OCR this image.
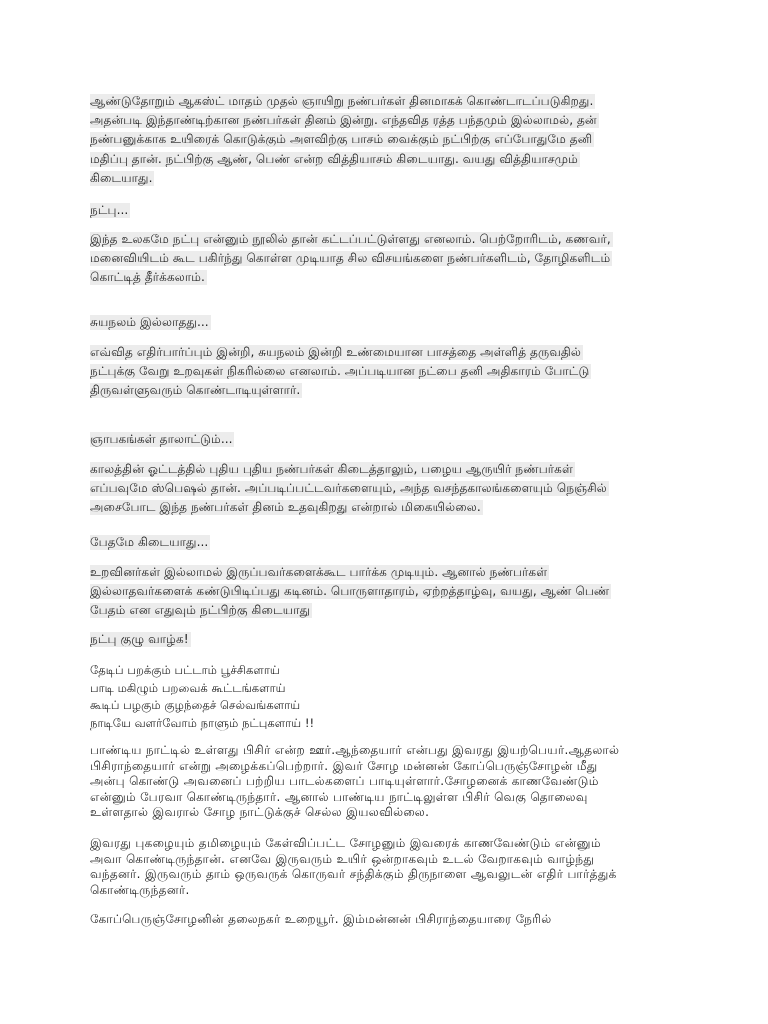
ஆண்டுதோறும் ஆகஸ்ட் மாதம் முதல் ஞாயிறு நண்பர்கள் தினமாகக் கொண்டாடப்படுகிறது.
அதன்படி இந்தாண்டிற்கான நண்பர்கள் தினம் இன்று. எந்தவித ரத்த பந்தமும் இல்லாமல், தன்
நண்பனுக்காக உயிரைக் கொடுக்கும் அளவிற்கு பாசம் வைக்கும் நட்பிற்கு எப்போதுமே தனி
மதிப்பு தான். நட்பிற்கு ஆண், பெண் என்ற வித்தியாசம் கிடையாது. வயது வித்தியாசமும்
கிடையாது.
நட்பு...
இந்த உலகமே நட்பு என்னும் நூலில் தான் கட்டப்பட்டுள்ளது எனலாம். பெற்றோரிடம், கணவர்,
மனைவியிடம் கூட பகிர்ந்து கொள்ள முடியாத சில விசயங்களை நண்பர்களிடம், தோழிகளிடம்
கொட்டித் தீர்க்கலாம்.
சுயநலம் இல்லாதது...
எவ்வித எதிர்பார்ப்பும் இன்றி, சுயநலம் இன்றி உண்மையான பாசத்தை அள்ளித் தருவதில்
நட்புக்கு வேறு உறவுகள் நிகரில்லை எனலாம். அப்படியான நட்பை தனி அதிகாரம் போட்டு
திருவள்ளுவரும் கொண்டாடியுள்ளார்.
ஞாபகங்கள் தாலாட்டும்...
காலத்தின் ஓட்டத்தில் புதிய புதிய நண்பர்கள் கிடைத்தாலும், பழைய ஆருயிர் நண்பர்கள்
எப்பவுமே ஸ்பெஷல் தான். அப்படிப்பட்டவர்களையும், அந்த வசந்தகாலங்களையும் நெஞ்சில்
அசைபோட இந்த நண்பர்கள் தினம் உதவுகிறது என்றால் மிகையில்லை.
பேதமே கிடையாது...
உறவினர்கள் இல்லாமல் இருப்பவர்களைக்கூட பார்க்க முடியும். ஆனால் நண்பர்கள்
இல்லாதவர்களைக் கண்டுபிடிப்பது கடினம். பொருளாதாரம், ஏற்றத்தாழ்வு, வயது, ஆண் பெண்
பேதம் என எதுவும் நட்பிற்கு கிடையாது
நட்பு குழு வாழ்க!
தேடிப் பறக்கும் பட்டாம் பூச்சிகளாய்
பாடி மகிழும் பறவைக் கூட்டங்களாய்
கூடிப் பழகும் குழந்தைச் செல்வங்களாய்
நாடியே வளர்வோம் நாளும் நட்புகளாய் !!
பாண்டிய நாட்டில் உள்ளது பிசிர் என்ற ஊர்.ஆந்தையார் என்பது இவரது இயற்பெயர்.ஆதலால்
பிசிராந்தையார் என்று அழைக்கப்பெற்றார். இவர் சோழ மன்னன் கோப்பெருஞ்சோழன் மீது
அன்பு கொண்டு அவனைப் பற்றிய பாடல்களைப் பாடியுள்ளார்.சோழனைக் காணவேண்டும்
என்னும் பேரவா கொண்டிருந்தார். ஆனால் பாண்டிய நாட்டிலுள்ள பிசிர் வெகு தொலைவு
உள்ளதால் இவரால் சோழ நாட்டுக்குச் செல்ல இயலவில்லை.
இவரது புகழையும் தமிழையும் கேள்விப்பட்ட சோழனும் இவரைக் காணவேண்டும் என்னும்
அவா கொண்டிருந்தான். எனவே இருவரும் உயிர் ஒன்றாகவும் உடல் வேறாகவும் வாழ்ந்து
வந்தனர். இருவரும் தாம் ஒருவருக் கொருவர் சந்திக்கும் திருநாளை ஆவலுடன் எதிர் பார்த்துக்
கொண்டிருந்தனர்.
கோப்பெருஞ்சோழனின் தலைநகர் உறையூர். இம்மன்னன் பிசிராந்தையாரை நேரில்
